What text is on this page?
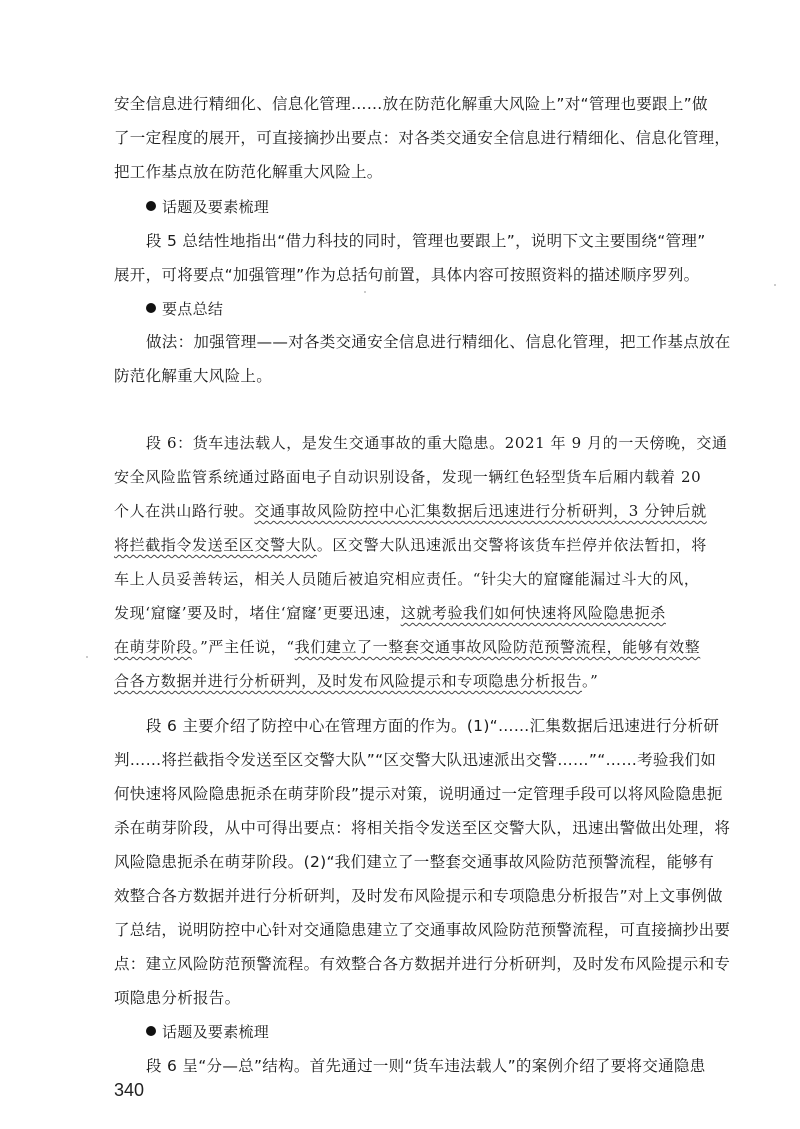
安全信息进行精细化、信息化管理……放在防范化解重大风险上”对“管理也要跟上”做
了一定程度的展开，可直接摘抄出要点：对各类交通安全信息进行精细化、信息化管理，
把工作基点放在防范化解重大风险上。
话题及要素梳理
段 5 总结性地指出“借力科技的同时，管理也要跟上”，说明下文主要围绕“管理”
展开，可将要点“加强管理”作为总括句前置，具体内容可按照资料的描述顺序罗列。
要点总结
做法：加强管理——对各类交通安全信息进行精细化、信息化管理，把工作基点放在
防范化解重大风险上。
段 6：货车违法载人，是发生交通事故的重大隐患。2021 年 9 月的一天傍晚，交通
安全风险监管系统通过路面电子自动识别设备，发现一辆红色轻型货车后厢内载着 20
个人在洪山路行驶。交通事故风险防控中心汇集数据后迅速进行分析研判，3 分钟后就
将拦截指令发送至区交警大队。区交警大队迅速派出交警将该货车拦停并依法暂扣，将
车上人员妥善转运，相关人员随后被追究相应责任。“针尖大的窟窿能漏过斗大的风，
发现‘窟窿’要及时，堵住‘窟窿’更要迅速，这就考验我们如何快速将风险隐患扼杀
在萌芽阶段。”严主任说，“我们建立了一整套交通事故风险防范预警流程，能够有效整
合各方数据并进行分析研判，及时发布风险提示和专项隐患分析报告。”
段 6 主要介绍了防控中心在管理方面的作为。(1)“……汇集数据后迅速进行分析研
判……将拦截指令发送至区交警大队”“区交警大队迅速派出交警……”“……考验我们如
何快速将风险隐患扼杀在萌芽阶段”提示对策，说明通过一定管理手段可以将风险隐患扼
杀在萌芽阶段，从中可得出要点：将相关指令发送至区交警大队，迅速出警做出处理，将
风险隐患扼杀在萌芽阶段。(2)“我们建立了一整套交通事故风险防范预警流程，能够有
效整合各方数据并进行分析研判，及时发布风险提示和专项隐患分析报告”对上文事例做
了总结，说明防控中心针对交通隐患建立了交通事故风险防范预警流程，可直接摘抄出要
点：建立风险防范预警流程。有效整合各方数据并进行分析研判，及时发布风险提示和专
项隐患分析报告。
话题及要素梳理
段 6 呈“分—总”结构。首先通过一则“货车违法载人”的案例介绍了要将交通隐患
340
